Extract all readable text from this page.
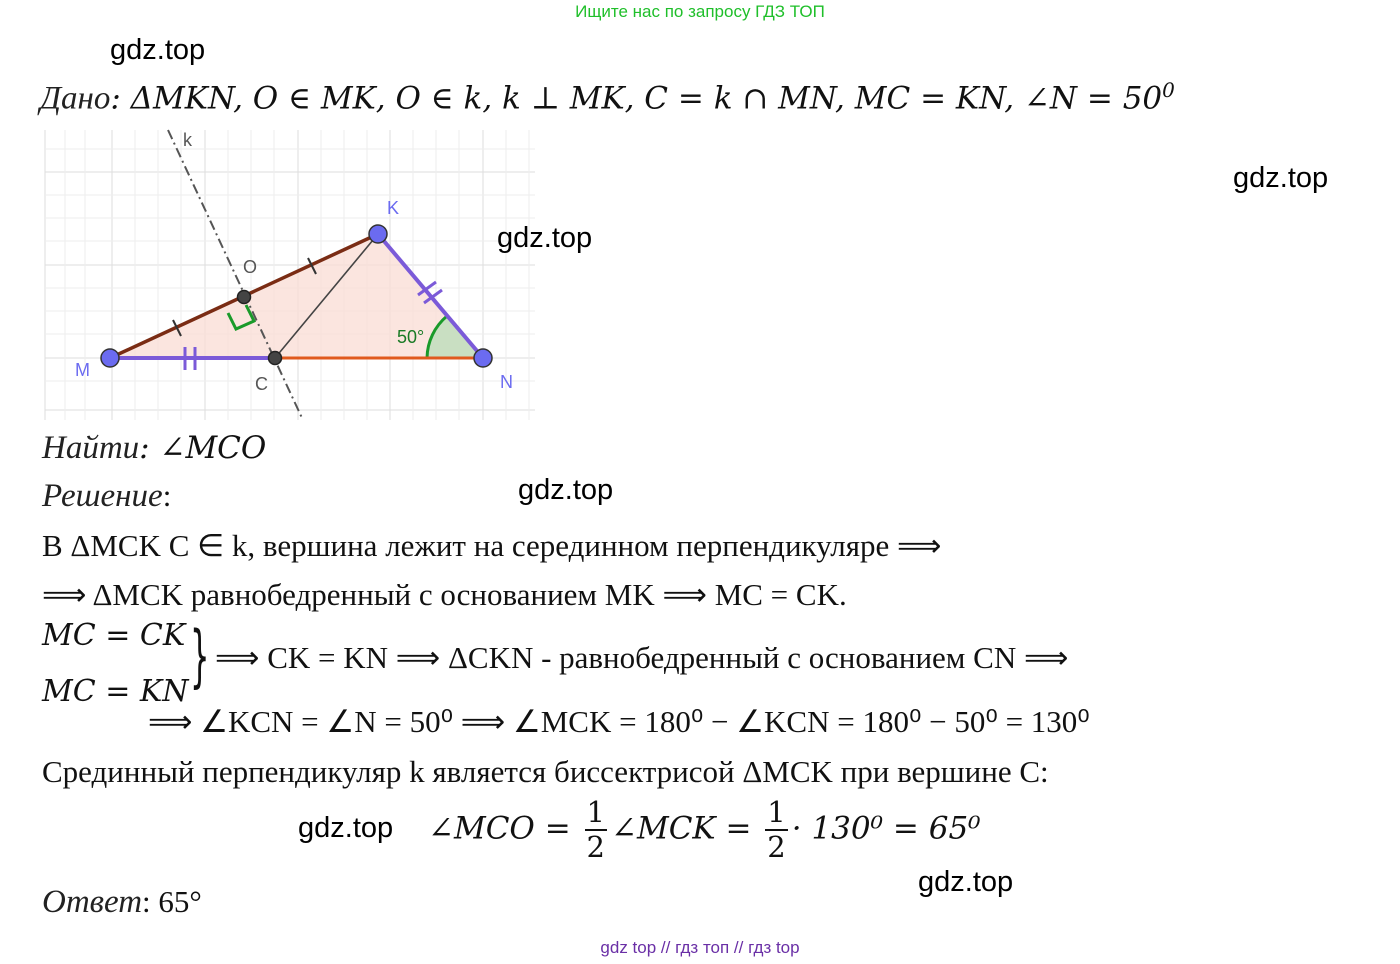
Ищите нас по запросу ГДЗ ТОП
gdz.top
Дано: ΔMKN, O ∈ MK, O ∈ k, k ⊥ MK, C = k ∩ MN, MC = KN, ∠N = $50^0$
gdz.top
k
K
O
M
C	N
50°
gdz.top
Найти: ∠MCO
Решение:	gdz.top
В ΔMCK C ∈ k, вершина лежит на серединном перпендикуляре ⟹
⟹ ΔMCK равнобедренный с основанием MK ⟹ MC = CK.
MC = CK
MC = KN } ⟹ CK = KN ⟹ ΔCKN - равнобедренный с основанием CN ⟹
⟹ ∠KCN = ∠N = 50⁰ ⟹ ∠MCK = 180⁰ − ∠KCN = 180⁰ − 50⁰ = 130⁰
Срединный перпендикуляр k является биссектрисой ΔMCK при вершине C:
gdz.top ∠MCO = $\frac{1}{2}$ ∠MCK = $\frac{1}{2} \cdot 130^0 = 65^0$
gdz.top
Ответ: 65°
gdz top // гдз топ // гдз top
